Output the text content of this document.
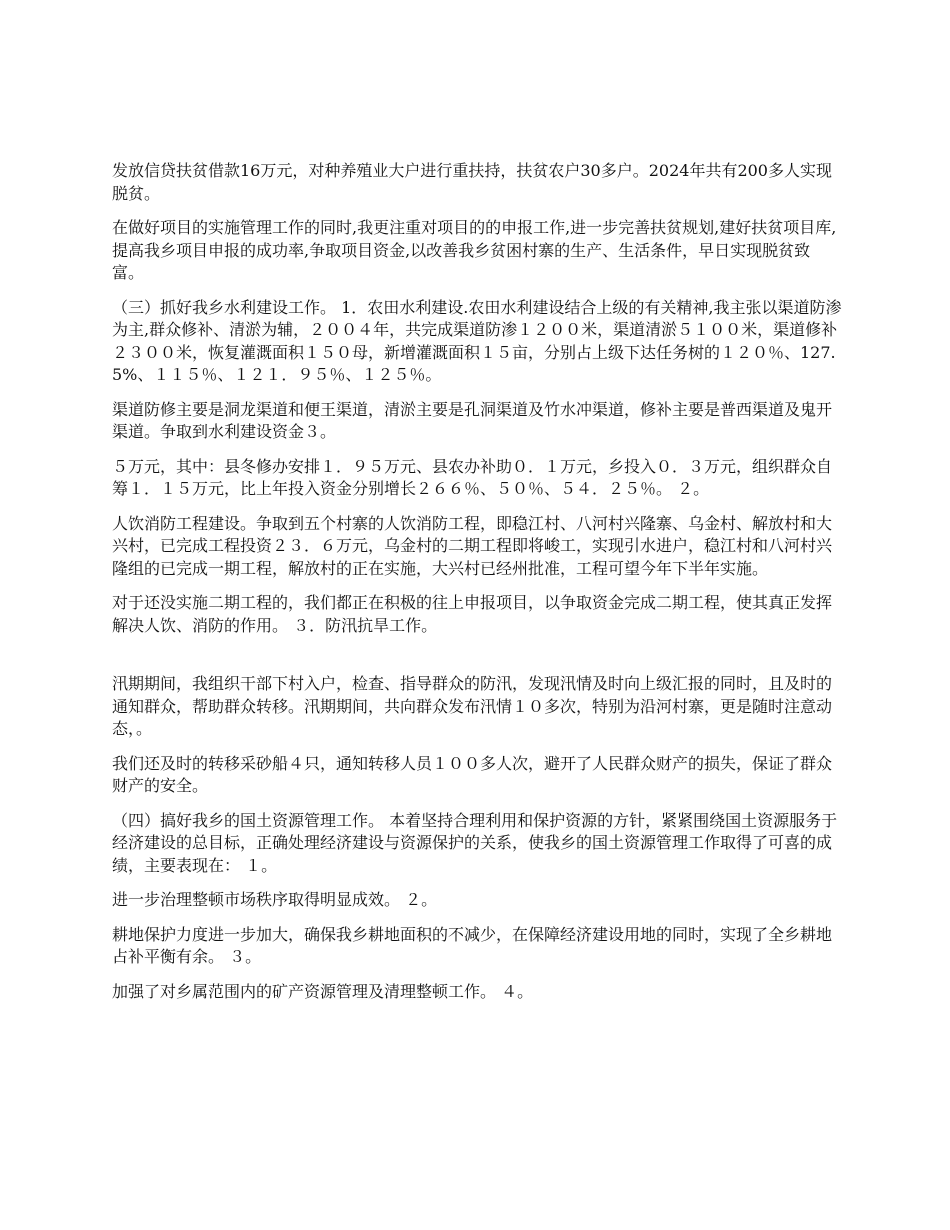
发放信贷扶贫借款16万元，对种养殖业大户进行重扶持，扶贫农户30多户。2024年共有200多人实现脱贫。

在做好项目的实施管理工作的同时,我更注重对项目的的申报工作,进一步完善扶贫规划,建好扶贫项目库,提高我乡项目申报的成功率,争取项目资金,以改善我乡贫困村寨的生产、生活条件，早日实现脱贫致富。

（三）抓好我乡水利建设工作。 1．农田水利建设.农田水利建设结合上级的有关精神,我主张以渠道防渗为主,群众修补、清淤为辅，２００４年，共完成渠道防渗１２００米，渠道清淤５１００米，渠道修补２３００米，恢复灌溉面积１５０母，新增灌溉面积１５亩，分别占上级下达任务树的１２０％、127.5%、１１５％、１２１．９５％、１２５％。

渠道防修主要是洞龙渠道和便王渠道，清淤主要是孔洞渠道及竹水冲渠道，修补主要是普西渠道及鬼开渠道。争取到水利建设资金３。

５万元，其中：县冬修办安排１．９５万元、县农办补助０．１万元，乡投入０．３万元，组织群众自筹１．１５万元，比上年投入资金分别增长２６６％、５０％、５４．２５％。 ２。

人饮消防工程建设。争取到五个村寨的人饮消防工程，即稳江村、八河村兴隆寨、乌金村、解放村和大兴村，已完成工程投资２３．６万元，乌金村的二期工程即将峻工，实现引水进户，稳江村和八河村兴隆组的已完成一期工程，解放村的正在实施，大兴村已经州批准，工程可望今年下半年实施。

对于还没实施二期工程的，我们都正在积极的往上申报项目，以争取资金完成二期工程，使其真正发挥解决人饮、消防的作用。 ３．防汛抗旱工作。

汛期期间，我组织干部下村入户，检查、指导群众的防汛，发现汛情及时向上级汇报的同时，且及时的通知群众，帮助群众转移。汛期期间，共向群众发布汛情１０多次，特别为沿河村寨，更是随时注意动态，。

我们还及时的转移采砂船４只，通知转移人员１００多人次，避开了人民群众财产的损失，保证了群众财产的安全。

（四）搞好我乡的国土资源管理工作。 本着坚持合理利用和保护资源的方针，紧紧围绕国土资源服务于经济建设的总目标，正确处理经济建设与资源保护的关系，使我乡的国土资源管理工作取得了可喜的成绩，主要表现在： １。

进一步治理整顿市场秩序取得明显成效。 ２。

耕地保护力度进一步加大，确保我乡耕地面积的不减少，在保障经济建设用地的同时，实现了全乡耕地占补平衡有余。 ３。

加强了对乡属范围内的矿产资源管理及清理整顿工作。 ４。
